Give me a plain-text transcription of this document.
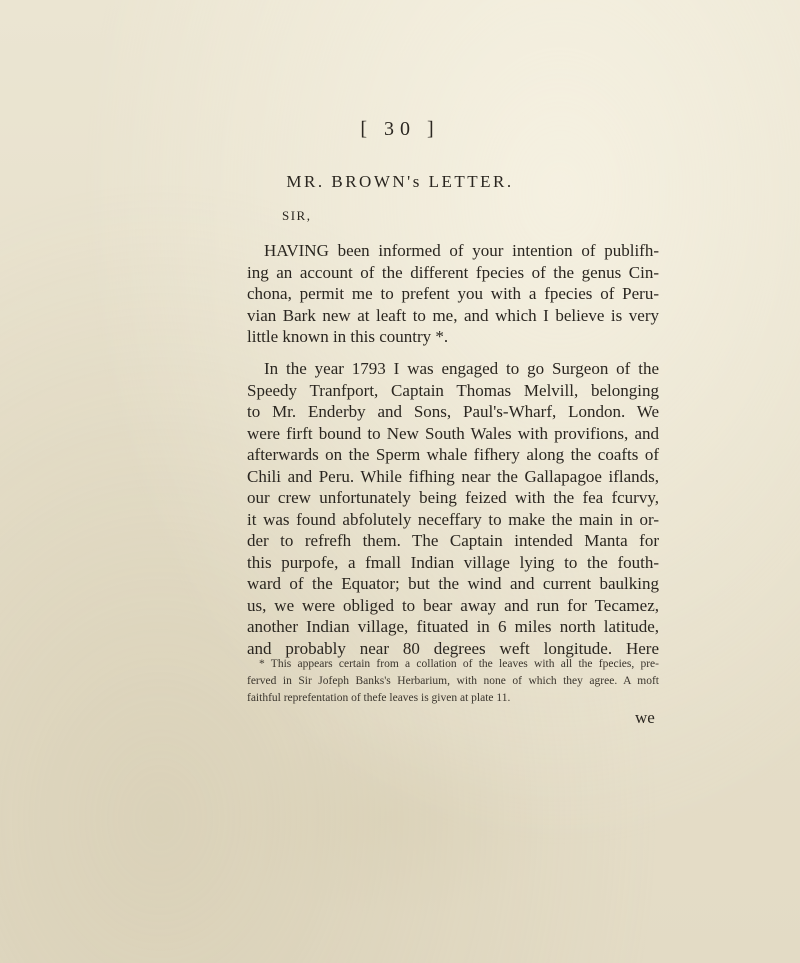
[ 30 ]
MR. BROWN's LETTER.
SIR,
HAVING been informed of your intention of publifh-
ing an account of the different fpecies of the genus Cin-
chona, permit me to prefent you with a fpecies of Peru-
vian Bark new at leaft to me, and which I believe is very
little known in this country *.
In the year 1793 I was engaged to go Surgeon of the
Speedy Tranfport, Captain Thomas Melvill, belonging
to Mr. Enderby and Sons, Paul's-Wharf, London. We
were firft bound to New South Wales with provifions, and
afterwards on the Sperm whale fifhery along the coafts of
Chili and Peru. While fifhing near the Gallapagoe iflands,
our crew unfortunately being feized with the fea fcurvy,
it was found abfolutely neceffary to make the main in or-
der to refrefh them. The Captain intended Manta for
this purpofe, a fmall Indian village lying to the fouth-
ward of the Equator; but the wind and current baulking
us, we were obliged to bear away and run for Tecamez,
another Indian village, fituated in 6 miles north latitude,
and probably near 80 degrees weft longitude. Here
* This appears certain from a collation of the leaves with all the fpecies, pre-
ferved in Sir Jofeph Banks's Herbarium, with none of which they agree. A moft
faithful reprefentation of thefe leaves is given at plate 11.
we
